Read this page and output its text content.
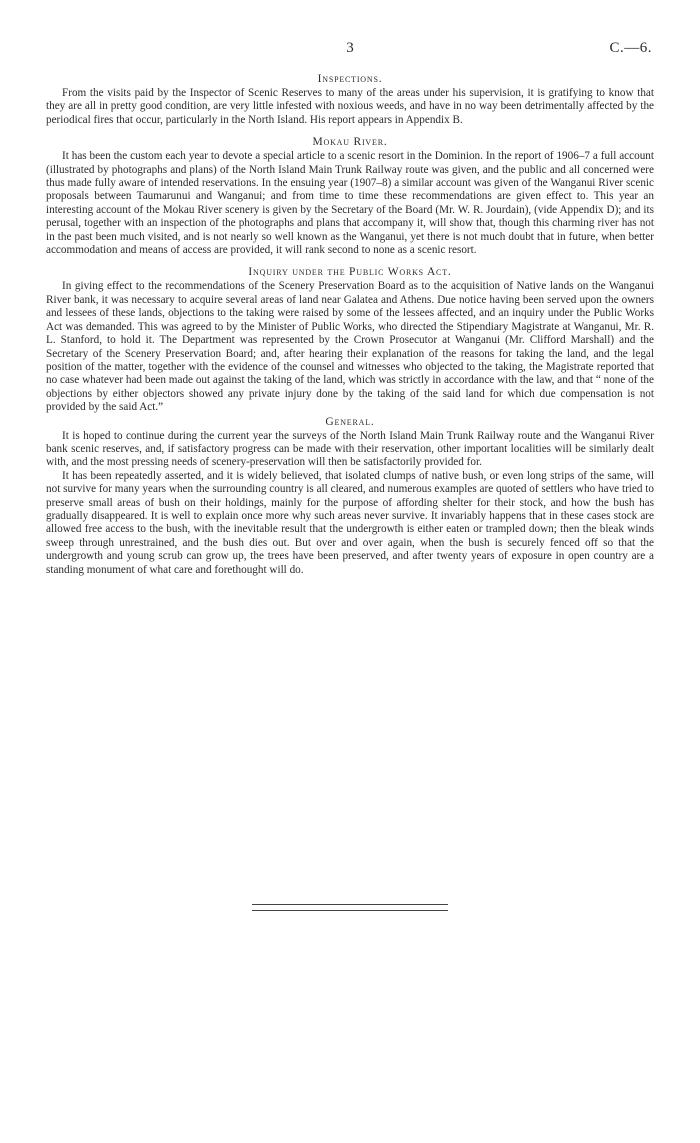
3	C.—6.
Inspections.

From the visits paid by the Inspector of Scenic Reserves to many of the areas under his supervision, it is gratifying to know that they are all in pretty good condition, are very little infested with noxious weeds, and have in no way been detrimentally affected by the periodical fires that occur, particularly in the North Island. His report appears in Appendix B.

Mokau River.

It has been the custom each year to devote a special article to a scenic resort in the Dominion. In the report of 1906–7 a full account (illustrated by photographs and plans) of the North Island Main Trunk Railway route was given, and the public and all concerned were thus made fully aware of intended reservations. In the ensuing year (1907–8) a similar account was given of the Wanganui River scenic proposals between Taumarunui and Wanganui; and from time to time these recommendations are given effect to. This year an interesting account of the Mokau River scenery is given by the Secretary of the Board (Mr. W. R. Jourdain), (vide Appendix D); and its perusal, together with an inspection of the photographs and plans that accompany it, will show that, though this charming river has not in the past been much visited, and is not nearly so well known as the Wanganui, yet there is not much doubt that in future, when better accommodation and means of access are provided, it will rank second to none as a scenic resort.

Inquiry under the Public Works Act.

In giving effect to the recommendations of the Scenery Preservation Board as to the acquisition of Native lands on the Wanganui River bank, it was necessary to acquire several areas of land near Galatea and Athens. Due notice having been served upon the owners and lessees of these lands, objections to the taking were raised by some of the lessees affected, and an inquiry under the Public Works Act was demanded. This was agreed to by the Minister of Public Works, who directed the Stipendiary Magistrate at Wanganui, Mr. R. L. Stanford, to hold it. The Department was represented by the Crown Prosecutor at Wanganui (Mr. Clifford Marshall) and the Secretary of the Scenery Preservation Board; and, after hearing their explanation of the reasons for taking the land, and the legal position of the matter, together with the evidence of the counsel and witnesses who objected to the taking, the Magistrate reported that no case whatever had been made out against the taking of the land, which was strictly in accordance with the law, and that “ none of the objections by either objectors showed any private injury done by the taking of the said land for which due compensation is not provided by the said Act.”

General.

It is hoped to continue during the current year the surveys of the North Island Main Trunk Railway route and the Wanganui River bank scenic reserves, and, if satisfactory progress can be made with their reservation, other important localities will be similarly dealt with, and the most pressing needs of scenery-preservation will then be satisfactorily provided for.

It has been repeatedly asserted, and it is widely believed, that isolated clumps of native bush, or even long strips of the same, will not survive for many years when the surrounding country is all cleared, and numerous examples are quoted of settlers who have tried to preserve small areas of bush on their holdings, mainly for the purpose of affording shelter for their stock, and how the bush has gradually disappeared. It is well to explain once more why such areas never survive. It invariably happens that in these cases stock are allowed free access to the bush, with the inevitable result that the undergrowth is either eaten or trampled down; then the bleak winds sweep through unrestrained, and the bush dies out. But over and over again, when the bush is securely fenced off so that the undergrowth and young scrub can grow up, the trees have been preserved, and after twenty years of exposure in open country are a standing monument of what care and forethought will do.
